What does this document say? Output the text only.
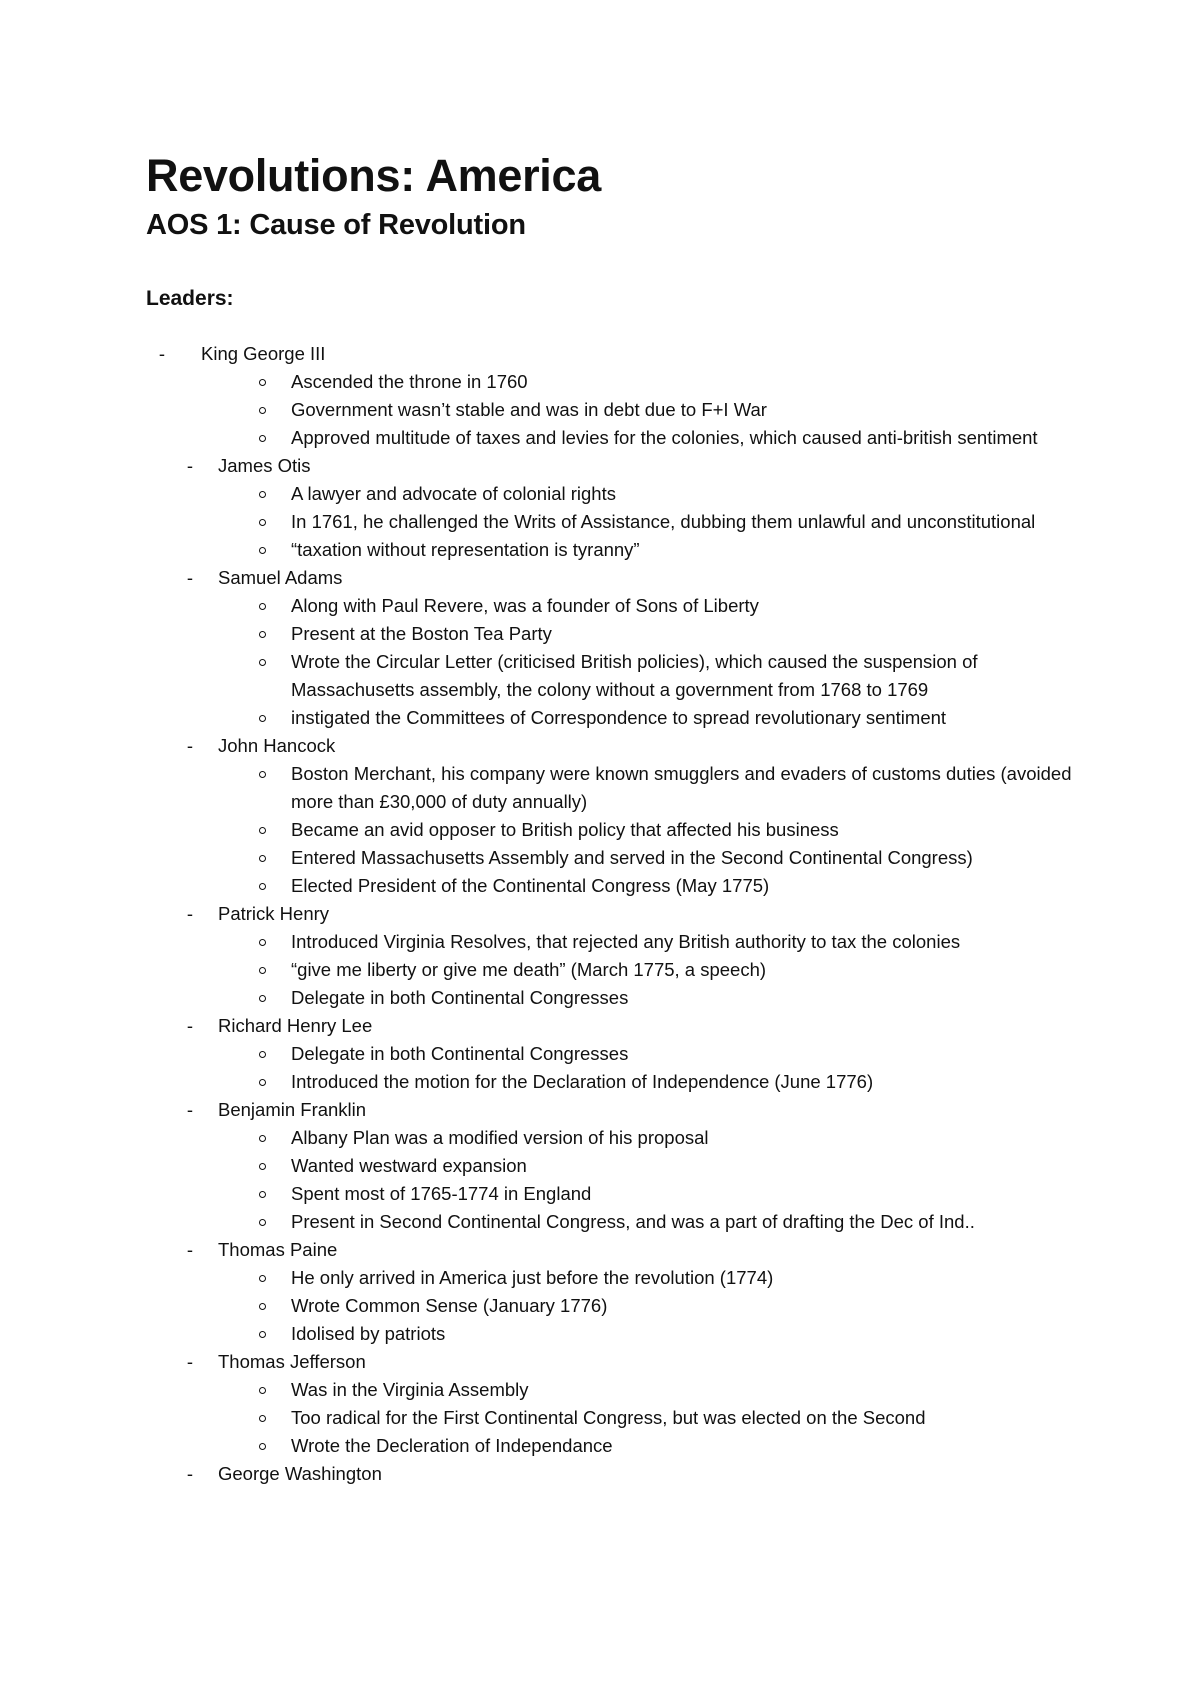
Revolutions: America
AOS 1: Cause of Revolution
Leaders:
- King George III
Ascended the throne in 1760
Government wasn’t stable and was in debt due to F+I War
Approved multitude of taxes and levies for the colonies, which caused anti-british sentiment
- James Otis
A lawyer and advocate of colonial rights
In 1761, he challenged the Writs of Assistance, dubbing them unlawful and unconstitutional
“taxation without representation is tyranny”
- Samuel Adams
Along with Paul Revere, was a founder of Sons of Liberty
Present at the Boston Tea Party
Wrote the Circular Letter (criticised British policies), which caused the suspension of Massachusetts assembly, the colony without a government from 1768 to 1769
instigated the Committees of Correspondence to spread revolutionary sentiment
- John Hancock
Boston Merchant, his company were known smugglers and evaders of customs duties (avoided more than £30,000 of duty annually)
Became an avid opposer to British policy that affected his business
Entered Massachusetts Assembly and served in the Second Continental Congress)
Elected President of the Continental Congress (May 1775)
- Patrick Henry
Introduced Virginia Resolves, that rejected any British authority to tax the colonies
“give me liberty or give me death” (March 1775, a speech)
Delegate in both Continental Congresses
- Richard Henry Lee
Delegate in both Continental Congresses
Introduced the motion for the Declaration of Independence (June 1776)
- Benjamin Franklin
Albany Plan was a modified version of his proposal
Wanted westward expansion
Spent most of 1765-1774 in England
Present in Second Continental Congress, and was a part of drafting the Dec of Ind..
- Thomas Paine
He only arrived in America just before the revolution (1774)
Wrote Common Sense (January 1776)
Idolised by patriots
- Thomas Jefferson
Was in the Virginia Assembly
Too radical for the First Continental Congress, but was elected on the Second
Wrote the Decleration of Independance
- George Washington
